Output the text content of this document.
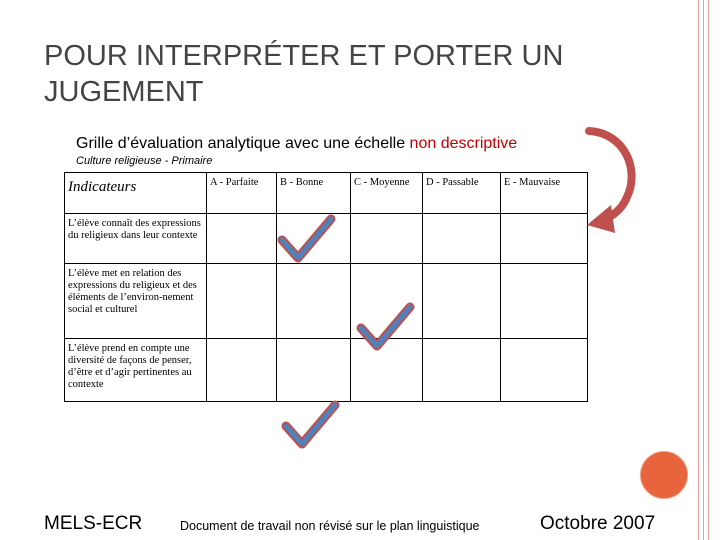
POUR INTERPRÉTER ET PORTER UN JUGEMENT
Grille d’évaluation analytique avec une échelle non descriptive
Culture religieuse - Primaire
Indicateurs	A - Parfaite	B - Bonne	C - Moyenne	D - Passable	E - Mauvaise
L’élève connaît des expressions du religieux dans leur contexte					
L’élève met en relation des expressions du religieux et des éléments de l’environ-nement social et culturel					
L’élève prend en compte une diversité de façons de penser, d’être et d’agir pertinentes au contexte					
MELS-ECR	Document de travail non révisé sur le plan linguistique	Octobre 2007
